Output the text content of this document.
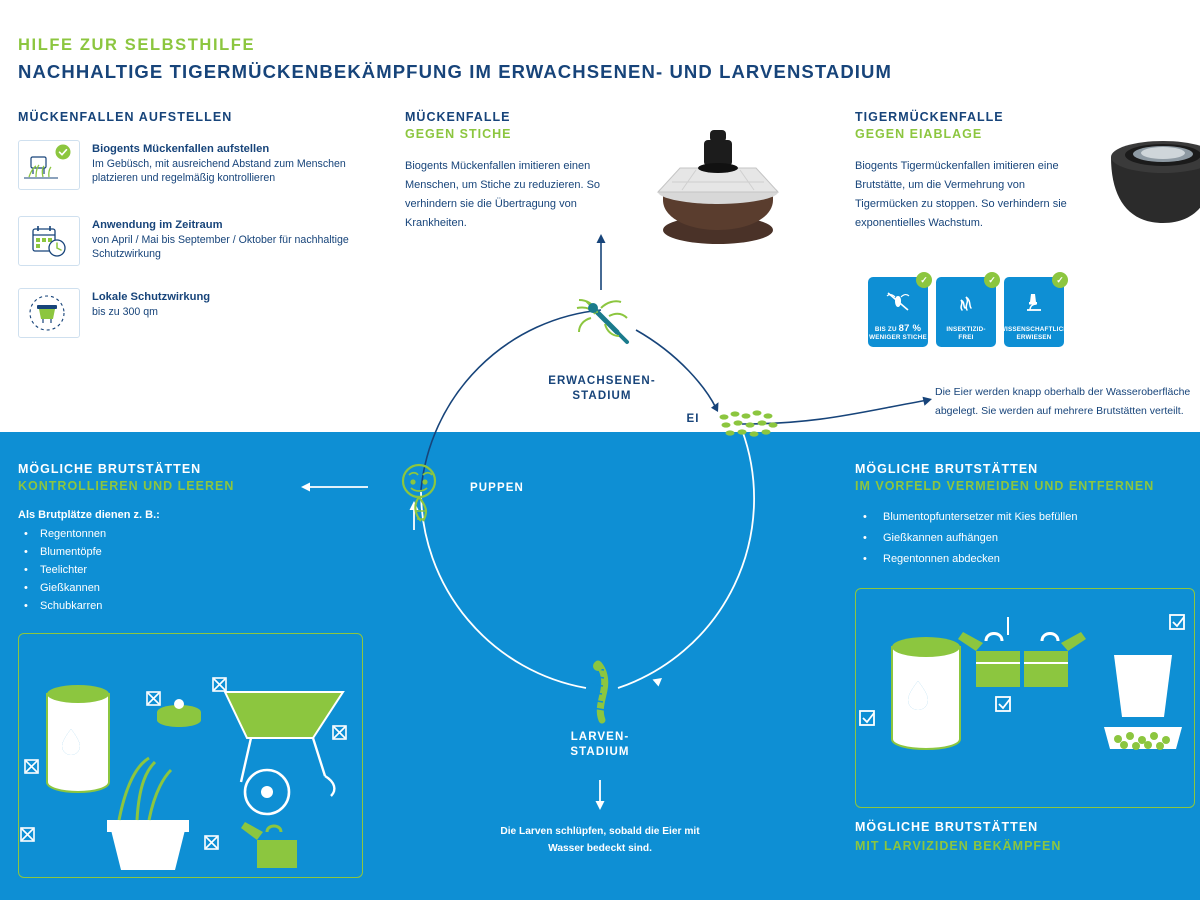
HILFE ZUR SELBSTHILFE
NACHHALTIGE TIGERMÜCKENBEKÄMPFUNG IM ERWACHSENEN- UND LARVENSTADIUM
MÜCKENFALLEN AUFSTELLEN
Biogents Mückenfallen aufstellen
Im Gebüsch, mit ausreichend Abstand zum Menschen platzieren und regelmäßig kontrollieren
Anwendung im Zeitraum
von April / Mai bis September / Oktober für nachhaltige Schutzwirkung
Lokale Schutzwirkung
bis zu 300 qm
MÜCKENFALLE
GEGEN STICHE
Biogents Mückenfallen imitieren einen Menschen, um Stiche zu reduzieren. So verhindern sie die Übertragung von Krankheiten.
TIGERMÜCKENFALLE
GEGEN EIABLAGE
Biogents Tigermückenfallen imitieren eine Brutstätte, um die Vermehrung von Tigermücken zu stoppen. So verhindern sie exponentielles Wachstum.
✓
BIS ZU 87 %
WENIGER STICHE
✓
INSEKTIZID-
FREI
✓
WISSENSCHAFTLICH
ERWIESEN
Die Eier werden knapp oberhalb der Wasseroberfläche abgelegt. Sie werden auf mehrere Brutstätten verteilt.
ERWACHSENEN-
STADIUM
EI
PUPPEN
LARVEN-
STADIUM
Die Larven schlüpfen, sobald die Eier mit Wasser bedeckt sind.
MÖGLICHE BRUTSTÄTTEN
KONTROLLIEREN UND LEEREN
Als Brutplätze dienen z. B.:
• Regentonnen
• Blumentöpfe
• Teelichter
• Gießkannen
• Schubkarren
MÖGLICHE BRUTSTÄTTEN
IM VORFELD VERMEIDEN UND ENTFERNEN
• Blumentopfuntersetzer mit Kies befüllen
• Gießkannen aufhängen
• Regentonnen abdecken
MÖGLICHE BRUTSTÄTTEN
MIT LARVIZIDEN BEKÄMPFEN
